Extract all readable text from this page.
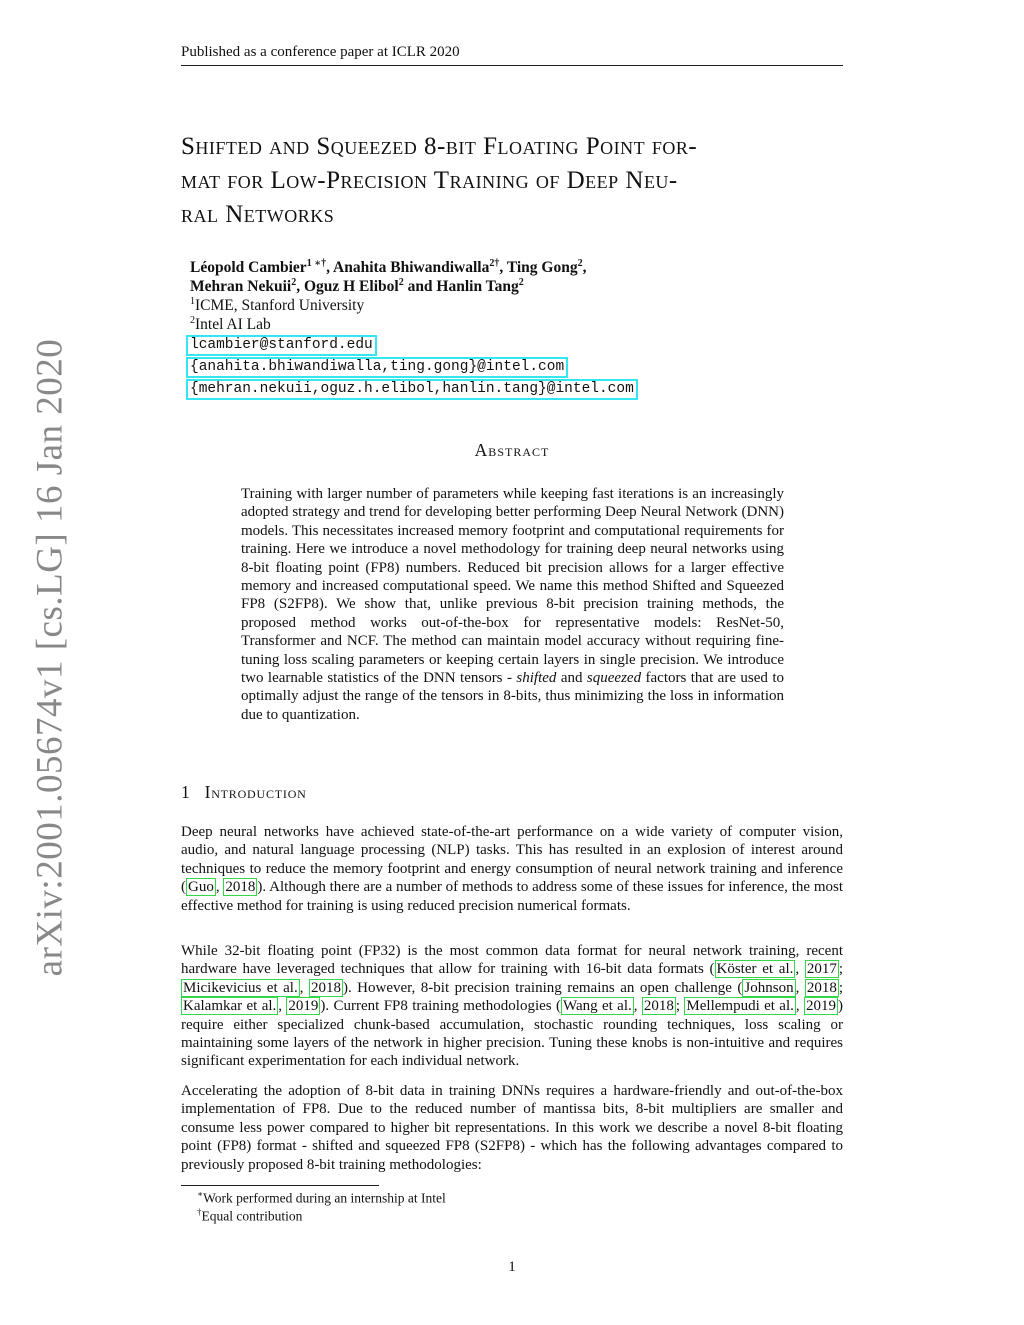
Published as a conference paper at ICLR 2020
arXiv:2001.05674v1 [cs.LG] 16 Jan 2020
Shifted and Squeezed 8-bit Floating Point for-
mat for Low-Precision Training of Deep Neu-
ral Networks
Léopold Cambier$^{1 ∗\dagger}$, Anahita Bhiwandiwalla$^{2\dagger}$, Ting Gong$^2$,
Mehran Nekuii$^2$, Oguz H Elibol$^2$ and Hanlin Tang$^2$
$^1$ICME, Stanford University
$^2$Intel AI Lab
lcambier@stanford.edu
{anahita.bhiwandiwalla,ting.gong}@intel.com
{mehran.nekuii,oguz.h.elibol,hanlin.tang}@intel.com
Abstract
Training with larger number of parameters while keeping fast iterations is an increasingly adopted strategy and trend for developing better performing Deep Neural Network (DNN) models. This necessitates increased memory footprint and computational requirements for training. Here we introduce a novel methodology for training deep neural networks using 8-bit floating point (FP8) numbers. Reduced bit precision allows for a larger effective memory and increased computational speed. We name this method Shifted and Squeezed FP8 (S2FP8). We show that, unlike previous 8-bit precision training methods, the proposed method works out-of-the-box for representative models: ResNet-50, Transformer and NCF. The method can maintain model accuracy without requiring fine-tuning loss scaling parameters or keeping certain layers in single precision. We introduce two learnable statistics of the DNN tensors - shifted and squeezed factors that are used to optimally adjust the range of the tensors in 8-bits, thus minimizing the loss in information due to quantization.
1 Introduction
Deep neural networks have achieved state-of-the-art performance on a wide variety of computer vision, audio, and natural language processing (NLP) tasks. This has resulted in an explosion of interest around techniques to reduce the memory footprint and energy consumption of neural network training and inference ( Guo , 2018 ). Although there are a number of methods to address some of these issues for inference, the most effective method for training is using reduced precision numerical formats.
While 32-bit floating point (FP32) is the most common data format for neural network training, recent hardware have leveraged techniques that allow for training with 16-bit data formats ( Köster et al. , 2017 ; Micikevicius et al. , 2018 ). However, 8-bit precision training remains an open challenge ( Johnson , 2018 ; Kalamkar et al. , 2019 ). Current FP8 training methodologies ( Wang et al. , 2018 ; Mellempudi et al. , 2019 ) require either specialized chunk-based accumulation, stochastic rounding techniques, loss scaling or maintaining some layers of the network in higher precision. Tuning these knobs is non-intuitive and requires significant experimentation for each individual network.
Accelerating the adoption of 8-bit data in training DNNs requires a hardware-friendly and out-of-the-box implementation of FP8. Due to the reduced number of mantissa bits, 8-bit multipliers are smaller and consume less power compared to higher bit representations. In this work we describe a novel 8-bit floating point (FP8) format - shifted and squeezed FP8 (S2FP8) - which has the following advantages compared to previously proposed 8-bit training methodologies:
∗Work performed during an internship at Intel
†Equal contribution
1
